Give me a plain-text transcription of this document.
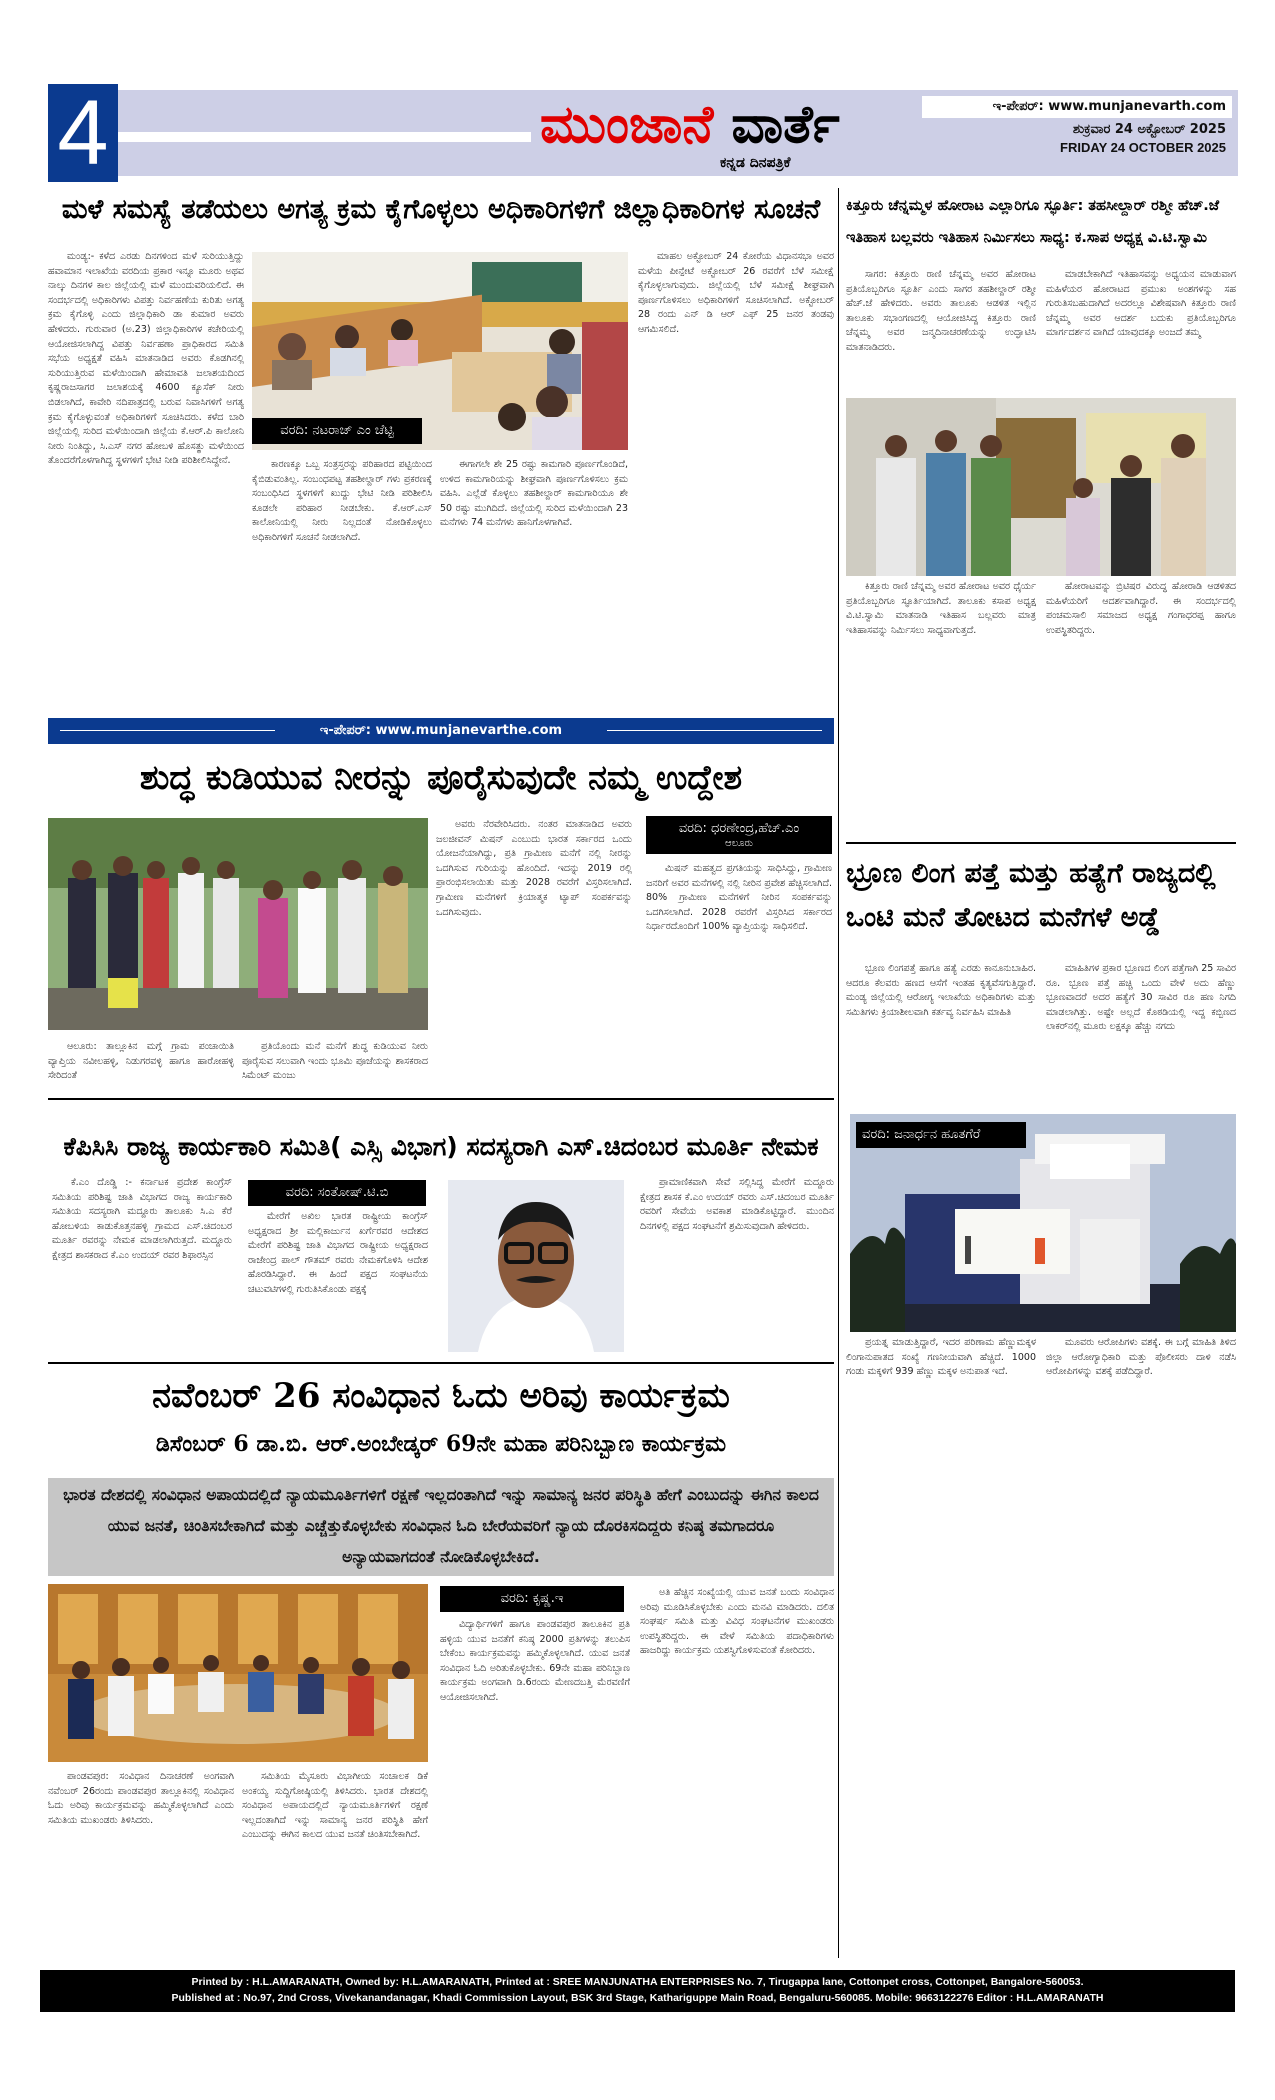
4	ಮುಂಜಾನೆ ವಾರ್ತೆ
ಕನ್ನಡ ದಿನಪತ್ರಿಕೆ
ಇ-ಪೇಪರ್: www.munjanevarth.com
ಶುಕ್ರವಾರ 24 ಅಕ್ಟೋಬರ್ 2025
FRIDAY 24 OCTOBER 2025
ಮಳೆ ಸಮಸ್ಯೆ ತಡೆಯಲು ಅಗತ್ಯ ಕ್ರಮ ಕೈಗೊಳ್ಳಲು ಅಧಿಕಾರಿಗಳಿಗೆ ಜಿಲ್ಲಾಧಿಕಾರಿಗಳ ಸೂಚನೆ

ಮಂಡ್ಯ:- ಕಳೆದ ಎರಡು ದಿನಗಳಿಂದ ಮಳೆ ಸುರಿಯುತ್ತಿದ್ದು ಹವಾಮಾನ ಇಲಾಖೆಯ ವರದಿಯ ಪ್ರಕಾರ ಇನ್ನೂ ಮೂರು ಅಥವ ನಾಲ್ಕು ದಿನಗಳ ಕಾಲ ಜಿಲ್ಲೆಯಲ್ಲಿ ಮಳೆ ಮುಂದುವರಿಯಲಿದೆ. ಈ ಸಂದರ್ಭದಲ್ಲಿ ಅಧಿಕಾರಿಗಳು ವಿಪತ್ತು ನಿರ್ವಹಣೆಯ ಕುರಿತು ಅಗತ್ಯ ಕ್ರಮ ಕೈಗೊಳ್ಳಿ ಎಂದು ಜಿಲ್ಲಾಧಿಕಾರಿ ಡಾ ಕುಮಾರ ಅವರು ಹೇಳಿದರು. ಗುರುವಾರ (ಅ.23) ಜಿಲ್ಲಾಧಿಕಾರಿಗಳ ಕಚೇರಿಯಲ್ಲಿ ಆಯೋಜಿಸಲಾಗಿದ್ದ ವಿಪತ್ತು ನಿರ್ವಹಣಾ ಪ್ರಾಧಿಕಾರದ ಸಮಿತಿ ಸಭೆಯ ಅಧ್ಯಕ್ಷತೆ ವಹಿಸಿ ಮಾತನಾಡಿದ ಅವರು ಕೊಡಗಿನಲ್ಲಿ ಸುರಿಯುತ್ತಿರುವ ಮಳೆಯಿಂದಾಗಿ ಹೇಮಾವತಿ ಜಲಾಶಯದಿಂದ ಕೃಷ್ಣರಾಜಸಾಗರ ಜಲಾಶಯಕ್ಕೆ 4600 ಕ್ಯೂಸೆಕ್ ನೀರು ಬಿಡಲಾಗಿದೆ, ಕಾವೇರಿ ನದಿಪಾತ್ರದಲ್ಲಿ ಬರುವ ನಿವಾಸಿಗಳಿಗೆ ಅಗತ್ಯ ಕ್ರಮ ಕೈಗೊಳ್ಳುವಂತೆ ಅಧಿಕಾರಿಗಳಿಗೆ ಸೂಚಿಸಿದರು. ಕಳೆದ ಬಾರಿ ಜಿಲ್ಲೆಯಲ್ಲಿ ಸುರಿದ ಮಳೆಯಿಂದಾಗಿ ಜಿಲ್ಲೆಯ ಕೆ.ಆರ್.ಪಿ ಕಾಲೋನಿ ನೀರು ನಿಂತಿದ್ದು, ಸಿ.ಎಸ್ ನಗರ ಹೋಬಳಿ ಹೊಸತ್ಥು ಮಳೆಯಿಂದ ತೊಂದರೆಗೊಳಗಾಗಿದ್ದ ಸ್ಥಳಗಳಿಗೆ ಭೇಟಿ ನೀಡಿ ಪರಿಶೀಲಿಸಿದ್ದೇನೆ.

ವರದಿ: ನಟರಾಜ್ ಎಂ ಚೆಟ್ಟಿ

ಕಾರಣಕ್ಕೂ ಒಬ್ಬ ಸಂತ್ರಸ್ತರನ್ನು ಪರಿಹಾರದ ಪಟ್ಟಿಯಿಂದ ಕೈಬಿಡುವಂತಿಲ್ಲ. ಸಂಬಂಧಪಟ್ಟ ತಹಶೀಲ್ದಾರ್ ಗಳು ಪ್ರಕರಣಕ್ಕೆ ಸಂಬಂಧಿಸಿದ ಸ್ಥಳಗಳಿಗೆ ಖುದ್ದು ಭೇಟಿ ನೀಡಿ ಪರಿಶೀಲಿಸಿ ಕೂಡಲೇ ಪರಿಹಾರ ನೀಡಬೇಕು. ಕೆ.ಆರ್.ಎಸ್ ಕಾಲೋನಿಯಲ್ಲಿ ನೀರು ನಿಲ್ಲದಂತೆ ನೋಡಿಕೊಳ್ಳಲು ಅಧಿಕಾರಿಗಳಿಗೆ ಸೂಚನೆ ನೀಡಲಾಗಿದೆ.

ಈಗಾಗಲೇ ಶೇ 25 ರಷ್ಟು ಕಾಮಗಾರಿ ಪೂರ್ಣಗೊಂಡಿದೆ, ಉಳಿದ ಕಾಮಗಾರಿಯನ್ನು ಶೀಘ್ರವಾಗಿ ಪೂರ್ಣಗೊಳಿಸಲು ಕ್ರಮ ವಹಿಸಿ. ಎಲ್ಲೆಡೆ ಕೊಳ್ಳಲು ತಹಶೀಲ್ದಾರ್ ಕಾಮಗಾರಿಯೂ ಶೇ 50 ರಷ್ಟು ಮುಗಿದಿದೆ. ಜಿಲ್ಲೆಯಲ್ಲಿ ಸುರಿದ ಮಳೆಯಿಂದಾಗಿ 23 ಮನೆಗಳು 74 ಮನೆಗಳು ಹಾನಿಗೊಳಗಾಗಿವೆ.

ಮಾಹಲ ಅಕ್ಟೋಬರ್ 24 ಕೋರೆಯ ವಿಧಾನಸಭಾ ಅವರ ಮಳೆಯ ಪೀನ್ಪೇಟೆ ಅಕ್ಟೋಬರ್ 26 ರವರೆಗೆ ಬೆಳೆ ಸಮೀಕ್ಷೆ ಕೈಗೊಳ್ಳಲಾಗುವುದು. ಜಿಲ್ಲೆಯಲ್ಲಿ ಬೆಳೆ ಸಮೀಕ್ಷೆ ಶೀಘ್ರವಾಗಿ ಪೂರ್ಣಗೊಳಿಸಲು ಅಧಿಕಾರಿಗಳಿಗೆ ಸೂಚಿಸಲಾಗಿದೆ. ಅಕ್ಟೋಬರ್ 28 ರಂದು ಎನ್ ಡಿ ಆರ್ ಎಫ್ 25 ಜನರ ತಂಡವು ಆಗಮಿಸಲಿದೆ.

ಇ-ಪೇಪರ್: www.munjanevarthe.com
ಶುದ್ಧ ಕುಡಿಯುವ ನೀರನ್ನು ಪೂರೈಸುವುದೇ ನಮ್ಮ ಉದ್ದೇಶ

ಆಲೂರು: ತಾಲ್ಲೂಕಿನ ಮಗ್ಗೆ ಗ್ರಾಮ ಪಂಚಾಯಿತಿ ವ್ಯಾಪ್ತಿಯ ನವೀಲಹಳ್ಳಿ, ನಿಡುಗರವಳ್ಳಿ ಹಾಗೂ ಹಾರೋಹಳ್ಳಿ ಸೇರಿದಂತೆ

ಪ್ರತಿಯೊಂದು ಮನೆ ಮನೆಗೆ ಶುದ್ಧ ಕುಡಿಯುವ ನೀರು ಪೂರೈಸುವ ಸಲುವಾಗಿ ಇಂದು ಭೂಮಿ ಪೂಜೆಯನ್ನು ಶಾಸಕರಾದ ಸಿಮೆಂಟ್ ಮಂಜು

ಅವರು ನೆರವೇರಿಸಿದರು. ನಂತರ ಮಾತನಾಡಿದ ಅವರು ಜಲಜೀವನ್ ಮಿಷನ್ ಎಂಬುದು ಭಾರತ ಸರ್ಕಾರದ ಒಂದು ಯೋಜನೆಯಾಗಿದ್ದು, ಪ್ರತಿ ಗ್ರಾಮೀಣ ಮನೆಗೆ ನಲ್ಲಿ ನೀರನ್ನು ಒದಗಿಸುವ ಗುರಿಯನ್ನು ಹೊಂದಿದೆ. ಇದನ್ನು 2019 ರಲ್ಲಿ ಪ್ರಾರಂಭಿಸಲಾಯಿತು ಮತ್ತು 2028 ರವರೆಗೆ ವಿಸ್ತರಿಸಲಾಗಿದೆ. ಗ್ರಾಮೀಣ ಮನೆಗಳಿಗೆ ಕ್ರಿಯಾತ್ಮಕ ಟ್ಯಾಪ್ ಸಂಪರ್ಕವನ್ನು ಒದಗಿಸುವುದು.

ವರದಿ: ಧರಣೇಂದ್ರ,ಹೆಚ್.ಎಂ
ಆಲೂರು

ಮಿಷನ್ ಮಹತ್ವದ ಪ್ರಗತಿಯನ್ನು ಸಾಧಿಸಿದ್ದು, ಗ್ರಾಮೀಣ ಜನರಿಗೆ ಅವರ ಮನೆಗಳಲ್ಲಿ ನಲ್ಲಿ ನೀರಿನ ಪ್ರವೇಶ ಹೆಚ್ಚಿಸಲಾಗಿದೆ. 80% ಗ್ರಾಮೀಣ ಮನೆಗಳಿಗೆ ನೀರಿನ ಸಂಪರ್ಕವನ್ನು ಒದಗಿಸಲಾಗಿದೆ. 2028 ರವರೆಗೆ ವಿಸ್ತರಿಸಿದ ಸರ್ಕಾರದ ನಿರ್ಧಾರದೊಂದಿಗೆ 100% ವ್ಯಾಪ್ತಿಯನ್ನು ಸಾಧಿಸಲಿದೆ.

ಕೆಪಿಸಿಸಿ ರಾಜ್ಯ ಕಾರ್ಯಕಾರಿ ಸಮಿತಿ( ಎಸ್ಸಿ ವಿಭಾಗ) ಸದಸ್ಯರಾಗಿ ಎಸ್.ಚಿದಂಬರ ಮೂರ್ತಿ ನೇಮಕ

ಕೆ.ಎಂ ದೊಡ್ಡಿ :- ಕರ್ನಾಟಕ ಪ್ರದೇಶ ಕಾಂಗ್ರೆಸ್ ಸಮಿತಿಯ ಪರಿಶಿಷ್ಟ ಜಾತಿ ವಿಭಾಗದ ರಾಜ್ಯ ಕಾರ್ಯಕಾರಿ ಸಮಿತಿಯ ಸದಸ್ಯರಾಗಿ ಮದ್ದೂರು ತಾಲೂಕು ಸಿ.ಎ ಕೆರೆ ಹೋಬಳಿಯ ಕಾಡುಕೊತ್ತನಹಳ್ಳಿ ಗ್ರಾಮದ ಎಸ್.ಚಿದಂಬರ ಮೂರ್ತಿ ರವರನ್ನು ನೇಮಕ ಮಾಡಲಾಗಿರುತ್ತದೆ. ಮದ್ದೂರು ಕ್ಷೇತ್ರದ ಶಾಸಕರಾದ ಕೆ.ಎಂ ಉದಯ್ ರವರ ಶಿಫಾರಸ್ಸಿನ

ವರದಿ: ಸಂತೋಷ್.ಟಿ.ಬಿ

ಮೇರೆಗೆ ಅಖಿಲ ಭಾರತ ರಾಷ್ಟ್ರೀಯ ಕಾಂಗ್ರೆಸ್ ಅಧ್ಯಕ್ಷರಾದ ಶ್ರೀ ಮಲ್ಲಿಕಾರ್ಜುನ ಖರ್ಗೆರವರ ಆದೇಶದ ಮೇರೆಗೆ ಪರಿಶಿಷ್ಟ ಜಾತಿ ವಿಭಾಗದ ರಾಷ್ಟ್ರೀಯ ಅಧ್ಯಕ್ಷರಾದ ರಾಜೇಂದ್ರ ಪಾಲ್ ಗೌತಮ್ ರವರು ನೇಮಕಗೊಳಿಸಿ ಆದೇಶ ಹೊರಡಿಸಿದ್ದಾರೆ. ಈ ಹಿಂದೆ ಪಕ್ಷದ ಸಂಘಟನೆಯ ಚಟುವಟಿಗಳಲ್ಲಿ ಗುರುತಿಸಿಕೊಂಡು ಪಕ್ಷಕ್ಕೆ

ಪ್ರಾಮಾಣಿಕವಾಗಿ ಸೇವೆ ಸಲ್ಲಿಸಿದ್ದ ಮೇರೆಗೆ ಮದ್ದೂರು ಕ್ಷೇತ್ರದ ಶಾಸಕ ಕೆ.ಎಂ ಉದಯ್ ರವರು ಎಸ್.ಚಿದಂಬರ ಮೂರ್ತಿ ರವರಿಗೆ ಸೇವೆಯ ಅವಕಾಶ ಮಾಡಿಕೊಟ್ಟಿದ್ದಾರೆ. ಮುಂದಿನ ದಿನಗಳಲ್ಲಿ ಪಕ್ಷದ ಸಂಘಟನೆಗೆ ಶ್ರಮಿಸುವುದಾಗಿ ಹೇಳಿದರು.

ನವೆಂಬರ್ 26 ಸಂವಿಧಾನ ಓದು ಅರಿವು ಕಾರ್ಯಕ್ರಮ
ಡಿಸೆಂಬರ್ 6 ಡಾ.ಬಿ. ಆರ್.ಅಂಬೇಡ್ಕರ್ 69ನೇ ಮಹಾ ಪರಿನಿಬ್ಬಾಣ ಕಾರ್ಯಕ್ರಮ
ಭಾರತ ದೇಶದಲ್ಲಿ ಸಂವಿಧಾನ ಅಪಾಯದಲ್ಲಿದೆ ನ್ಯಾಯಮೂರ್ತಿಗಳಿಗೆ ರಕ್ಷಣೆ ಇಲ್ಲದಂತಾಗಿದೆ ಇನ್ನು ಸಾಮಾನ್ಯ ಜನರ ಪರಿಸ್ಥಿತಿ ಹೇಗೆ ಎಂಬುದನ್ನು ಈಗಿನ ಕಾಲದ ಯುವ ಜನತೆ, ಚಿಂತಿಸಬೇಕಾಗಿದೆ ಮತ್ತು ಎಚ್ಚೆತ್ತುಕೊಳ್ಳಬೇಕು ಸಂವಿಧಾನ ಓದಿ ಬೇರೆಯವರಿಗೆ ನ್ಯಾಯ ದೊರಕಿಸದಿದ್ದರು ಕನಿಷ್ಠ ತಮಗಾದರೂ ಅನ್ಯಾಯವಾಗದಂತೆ ನೋಡಿಕೊಳ್ಳಬೇಕಿದೆ.

ಪಾಂಡವಪುರ: ಸಂವಿಧಾನ ದಿನಾಚರಣೆ ಅಂಗವಾಗಿ ನವೆಂಬರ್ 26ರಂದು ಪಾಂಡವಪುರ ತಾಲ್ಲೂಕಿನಲ್ಲಿ ಸಂವಿಧಾನ ಓದು ಅರಿವು ಕಾರ್ಯಕ್ರಮವನ್ನು ಹಮ್ಮಿಕೊಳ್ಳಲಾಗಿದೆ ಎಂದು ಸಮಿತಿಯ ಮುಖಂಡರು ತಿಳಿಸಿದರು.

ಸಮಿತಿಯ ಮೈಸೂರು ವಿಭಾಗೀಯ ಸಂಚಾಲಕ ಡಿಕೆ ಅಂಕಯ್ಯ ಸುದ್ದಿಗೋಷ್ಠಿಯಲ್ಲಿ ತಿಳಿಸಿದರು. ಭಾರತ ದೇಶದಲ್ಲಿ ಸಂವಿಧಾನ ಅಪಾಯದಲ್ಲಿದೆ ನ್ಯಾಯಮೂರ್ತಿಗಳಿಗೆ ರಕ್ಷಣೆ ಇಲ್ಲದಂತಾಗಿದೆ ಇನ್ನು ಸಾಮಾನ್ಯ ಜನರ ಪರಿಸ್ಥಿತಿ ಹೇಗೆ ಎಂಬುದನ್ನು ಈಗಿನ ಕಾಲದ ಯುವ ಜನತೆ ಚಿಂತಿಸಬೇಕಾಗಿದೆ.

ವರದಿ: ಕೃಷ್ಣ.ಇ

ವಿದ್ಯಾರ್ಥಿಗಳಿಗೆ ಹಾಗೂ ಪಾಂಡವಪುರ ತಾಲೂಕಿನ ಪ್ರತಿ ಹಳ್ಳಿಯ ಯುವ ಜನತೆಗೆ ಕನಿಷ್ಠ 2000 ಪ್ರತಿಗಳನ್ನು ತಲುಪಿಸ ಬೇಕೆಂಬ ಕಾರ್ಯಕ್ರಮವನ್ನು ಹಮ್ಮಿಕೊಳ್ಳಲಾಗಿದೆ. ಯುವ ಜನತೆ ಸಂವಿಧಾನ ಓದಿ ಅರಿತುಕೊಳ್ಳಬೇಕು. 69ನೇ ಮಹಾ ಪರಿನಿಬ್ಬಾಣ ಕಾರ್ಯಕ್ರಮ ಅಂಗವಾಗಿ ಡಿ.6ರಂದು ಮೇಣದಬತ್ತಿ ಮೆರವಣಿಗೆ ಆಯೋಜಿಸಲಾಗಿದೆ.

ಅತಿ ಹೆಚ್ಚಿನ ಸಂಖ್ಯೆಯಲ್ಲಿ ಯುವ ಜನತೆ ಬಂದು ಸಂವಿಧಾನ ಅರಿವು ಮೂಡಿಸಿಕೊಳ್ಳಬೇಕು ಎಂದು ಮನವಿ ಮಾಡಿದರು. ದಲಿತ ಸಂಘರ್ಷ ಸಮಿತಿ ಮತ್ತು ವಿವಿಧ ಸಂಘಟನೆಗಳ ಮುಖಂಡರು ಉಪಸ್ಥಿತರಿದ್ದರು. ಈ ವೇಳೆ ಸಮಿತಿಯ ಪದಾಧಿಕಾರಿಗಳು ಹಾಜರಿದ್ದು ಕಾರ್ಯಕ್ರಮ ಯಶಸ್ವಿಗೊಳಿಸುವಂತೆ ಕೋರಿದರು.

ಕಿತ್ತೂರು ಚೆನ್ನಮ್ಮಳ ಹೋರಾಟ ಎಲ್ಲಾರಿಗೂ ಸ್ಫೂರ್ತಿ: ತಹಸೀಲ್ದಾರ್ ರಶ್ಮೀ ಹೆಚ್.ಜೆ
ಇತಿಹಾಸ ಬಲ್ಲವರು ಇತಿಹಾಸ ನಿರ್ಮಿಸಲು ಸಾಧ್ಯ: ಕ.ಸಾಪ ಅಧ್ಯಕ್ಷ ವಿ.ಟಿ.ಸ್ವಾಮಿ

ಸಾಗರ: ಕಿತ್ತೂರು ರಾಣಿ ಚೆನ್ನಮ್ಮ ಅವರ ಹೋರಾಟ ಪ್ರತಿಯೊಬ್ಬರಿಗೂ ಸ್ಫೂರ್ತಿ ಎಂದು ಸಾಗರ ತಹಶೀಲ್ದಾರ್ ರಶ್ಮೀ ಹೆಚ್.ಜೆ ಹೇಳಿದರು. ಅವರು ತಾಲೂಕು ಆಡಳಿತ ಇಲ್ಲಿನ ತಾಲೂಕು ಸಭಾಂಗಣದಲ್ಲಿ ಆಯೋಜಿಸಿದ್ದ ಕಿತ್ತೂರು ರಾಣಿ ಚೆನ್ನಮ್ಮ ಅವರ ಜನ್ಮದಿನಾಚರಣೆಯನ್ನು ಉದ್ಘಾಟಿಸಿ ಮಾತನಾಡಿದರು.

ಮಾಡಬೇಕಾಗಿದೆ ಇತಿಹಾಸವನ್ನು ಅಧ್ಯಯನ ಮಾಡುವಾಗ ಮಹಿಳೆಯರ ಹೋರಾಟದ ಪ್ರಮುಖ ಅಂಶಗಳನ್ನು ಸಹ ಗುರುತಿಸಬಹುದಾಗಿದೆ ಅದರಲ್ಲೂ ವಿಶೇಷವಾಗಿ ಕಿತ್ತೂರು ರಾಣಿ ಚೆನ್ನಮ್ಮ ಅವರ ಆದರ್ಶ ಬದುಕು ಪ್ರತಿಯೊಬ್ಬರಿಗೂ ಮಾರ್ಗದರ್ಶನ ವಾಗಿದೆ ಯಾವುದಕ್ಕೂ ಅಂಜದೆ ತಮ್ಮ

ಕಿತ್ತೂರು ರಾಣಿ ಚೆನ್ನಮ್ಮ ಅವರ ಹೋರಾಟ ಅವರ ಧೈರ್ಯ ಪ್ರತಿಯೊಬ್ಬರಿಗೂ ಸ್ಫೂರ್ತಿಯಾಗಿದೆ. ತಾಲೂಕು ಕಸಾಪ ಅಧ್ಯಕ್ಷ ವಿ.ಟಿ.ಸ್ವಾಮಿ ಮಾತನಾಡಿ ಇತಿಹಾಸ ಬಲ್ಲವರು ಮಾತ್ರ ಇತಿಹಾಸವನ್ನು ನಿರ್ಮಿಸಲು ಸಾಧ್ಯವಾಗುತ್ತದೆ.

ಹೋರಾಟವನ್ನು ಬ್ರಿಟಿಷರ ವಿರುದ್ಧ ಹೋರಾಡಿ ಆಡಳಿತದ ಮಹಿಳೆಯರಿಗೆ ಆದರ್ಶವಾಗಿದ್ದಾರೆ. ಈ ಸಂದರ್ಭದಲ್ಲಿ ಪಂಚಮಸಾಲಿ ಸಮಾಜದ ಅಧ್ಯಕ್ಷ ಗಂಗಾಧರಪ್ಪ ಹಾಗೂ ಉಪಸ್ಥಿತರಿದ್ದರು.

ಭ್ರೂಣ ಲಿಂಗ ಪತ್ತೆ ಮತ್ತು ಹತ್ಯೆಗೆ ರಾಜ್ಯದಲ್ಲಿ
ಒಂಟಿ ಮನೆ ತೋಟದ ಮನೆಗಳೆ ಅಡ್ಡೆ

ಭ್ರೂಣ ಲಿಂಗಪತ್ತೆ ಹಾಗೂ ಹತ್ಯೆ ಎರಡು ಕಾನೂನುಬಾಹಿರ. ಆದರೂ ಕೆಲವರು ಹಣದ ಆಸೆಗೆ ಇಂತಹ ಕೃತ್ಯವೆಸಗುತ್ತಿದ್ದಾರೆ. ಮಂಡ್ಯ ಜಿಲ್ಲೆಯಲ್ಲಿ ಆರೋಗ್ಯ ಇಲಾಖೆಯ ಅಧಿಕಾರಿಗಳು ಮತ್ತು ಸಮಿತಿಗಳು ಕ್ರಿಯಾಶೀಲವಾಗಿ ಕರ್ತವ್ಯ ನಿರ್ವಹಿಸಿ ಮಾಹಿತಿ

ಮಾಹಿತಿಗಳ ಪ್ರಕಾರ ಭ್ರೂಣದ ಲಿಂಗ ಪತ್ತೆಗಾಗಿ 25 ಸಾವಿರ ರೂ. ಭ್ರೂಣ ಪತ್ತೆ ಹಚ್ಚಿ ಒಂದು ವೇಳೆ ಅದು ಹೆಣ್ಣು ಭ್ರೂಣವಾದರೆ ಅದರ ಹತ್ಯೆಗೆ 30 ಸಾವಿರ ರೂ ಹಣ ನಿಗದಿ ಮಾಡಲಾಗಿತ್ತು. ಅಷ್ಟೇ ಅಲ್ಲದೆ ಕೊಠಡಿಯಲ್ಲಿ ಇದ್ದ ಕಬ್ಬಿಣದ ಲಾಕರ್‌ನಲ್ಲಿ ಮೂರು ಲಕ್ಷಕ್ಕೂ ಹೆಚ್ಚು ನಗದು

ವರದಿ: ಜನಾರ್ಧನ ಹೂತಗೆರೆ

ಪ್ರಯತ್ನ ಮಾಡುತ್ತಿದ್ದಾರೆ, ಇದರ ಪರಿಣಾಮ ಹೆಣ್ಣುಮಕ್ಕಳ ಲಿಂಗಾನುಪಾತದ ಸಂಖ್ಯೆ ಗಣನೀಯವಾಗಿ ಹೆಚ್ಚಿದೆ. 1000 ಗಂಡು ಮಕ್ಕಳಿಗೆ 939 ಹೆಣ್ಣು ಮಕ್ಕಳ ಅನುಪಾತ ಇದೆ.

ಮೂವರು ಆರೋಪಿಗಳು ವಶಕ್ಕೆ. ಈ ಬಗ್ಗೆ ಮಾಹಿತಿ ತಿಳಿದ ಜಿಲ್ಲಾ ಆರೋಗ್ಯಾಧಿಕಾರಿ ಮತ್ತು ಪೊಲೀಸರು ದಾಳಿ ನಡೆಸಿ ಆರೋಪಿಗಳನ್ನು ವಶಕ್ಕೆ ಪಡೆದಿದ್ದಾರೆ.

Printed by : H.L.AMARANATH, Owned by: H.L.AMARANATH, Printed at : SREE MANJUNATHA ENTERPRISES No. 7, Tirugappa lane, Cottonpet cross, Cottonpet, Bangalore-560053.
Published at : No.97, 2nd Cross, Vivekanandanagar, Khadi Commission Layout, BSK 3rd Stage, Kathariguppe Main Road, Bengaluru-560085. Mobile: 9663122276 Editor : H.L.AMARANATH
